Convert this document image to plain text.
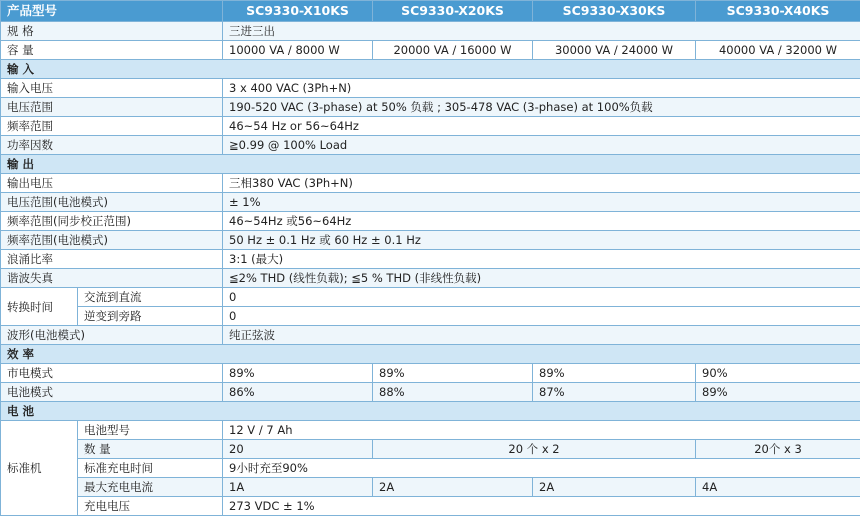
产品型号		SC9330-X10KS	SC9330-X20KS	SC9330-X30KS	SC9330-X40KS
规 格		三进三出			
容 量		10000 VA / 8000 W	20000 VA / 16000 W	30000 VA / 24000 W	40000 VA / 32000 W
输 入					
输入电压		3 x 400 VAC (3Ph+N)			
电压范围		190-520 VAC (3-phase) at 50% 负载 ; 305-478 VAC (3-phase) at 100%负载			
频率范围		46~54 Hz or 56~64Hz			
功率因数		≧0.99 @ 100% Load			
输 出					
输出电压		三相380 VAC (3Ph+N)			
电压范围(电池模式)		± 1%			
频率范围(同步校正范围)		46~54Hz 或56~64Hz			
频率范围(电池模式)		50 Hz ± 0.1 Hz 或 60 Hz ± 0.1 Hz			
浪涌比率		3:1 (最大)			
谐波失真		≦2% THD (线性负载); ≦5 % THD (非线性负载)			
转换时间	交流到直流	0			
	逆变到旁路	0			
波形(电池模式)		纯正弦波			
效 率					
市电模式		89%	89%	89%	90%
电池模式		86%	88%	87%	89%
电 池					
标准机	电池型号	12 V / 7 Ah			
	数 量	20	20 个 x 2		20个 x 3
	标准充电时间	9小时充至90%			
	最大充电电流	1A	2A	2A	4A
	充电电压	273 VDC ± 1%			
